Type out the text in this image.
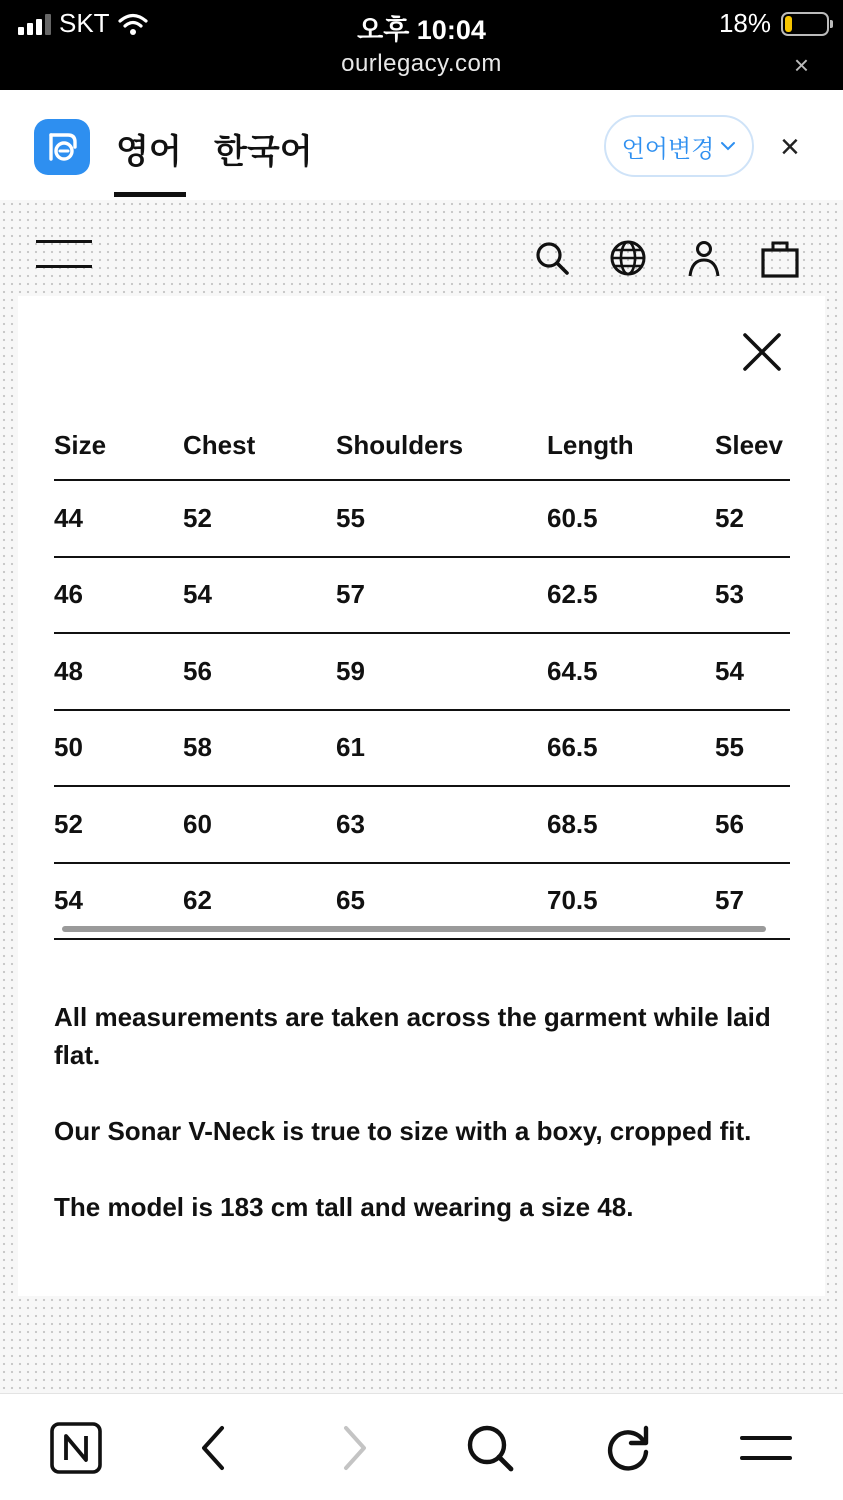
SKT	오후 10:04
ourlegacy.com
18%
×
영어 한국어	언어변경 ×
Size	Chest	Shoulders	Length	Sleev
44	52	55	60.5	52
46	54	57	62.5	53
48	56	59	64.5	54
50	58	61	66.5	55
52	60	63	68.5	56
54	62	65	70.5	57

All measurements are taken across the garment while laid flat.

Our Sonar V-Neck is true to size with a boxy, cropped fit.

The model is 183 cm tall and wearing a size 48.
